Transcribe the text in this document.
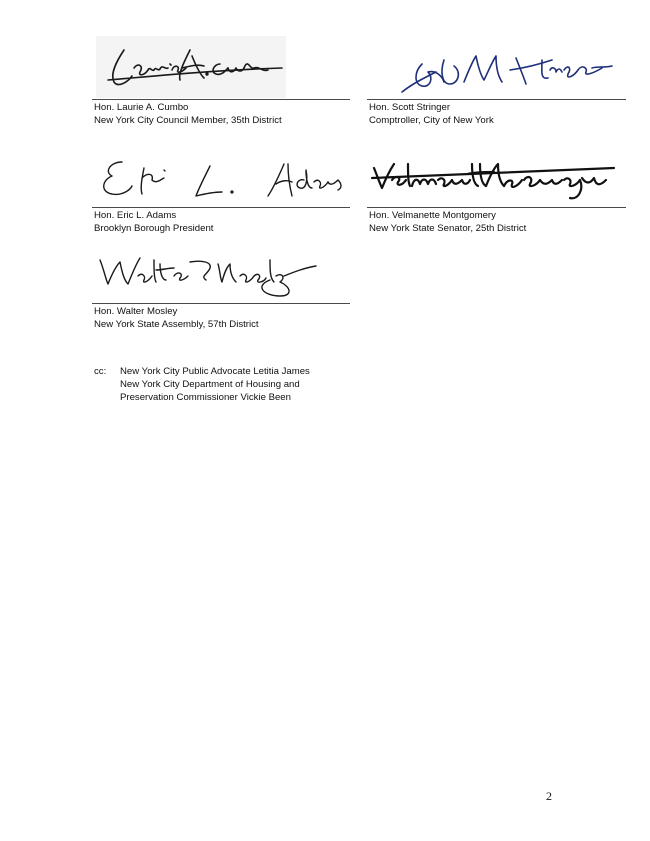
Hon. Laurie A. Cumbo
New York City Council Member, 35th District
Hon. Scott Stringer
Comptroller, City of New York
Hon. Eric L. Adams
Brooklyn Borough President
Hon. Velmanette Montgomery
New York State Senator, 25th District
Hon. Walter Mosley
New York State Assembly, 57th District
cc: New York City Public Advocate Letitia James
New York City Department of Housing and
Preservation Commissioner Vickie Been
2
